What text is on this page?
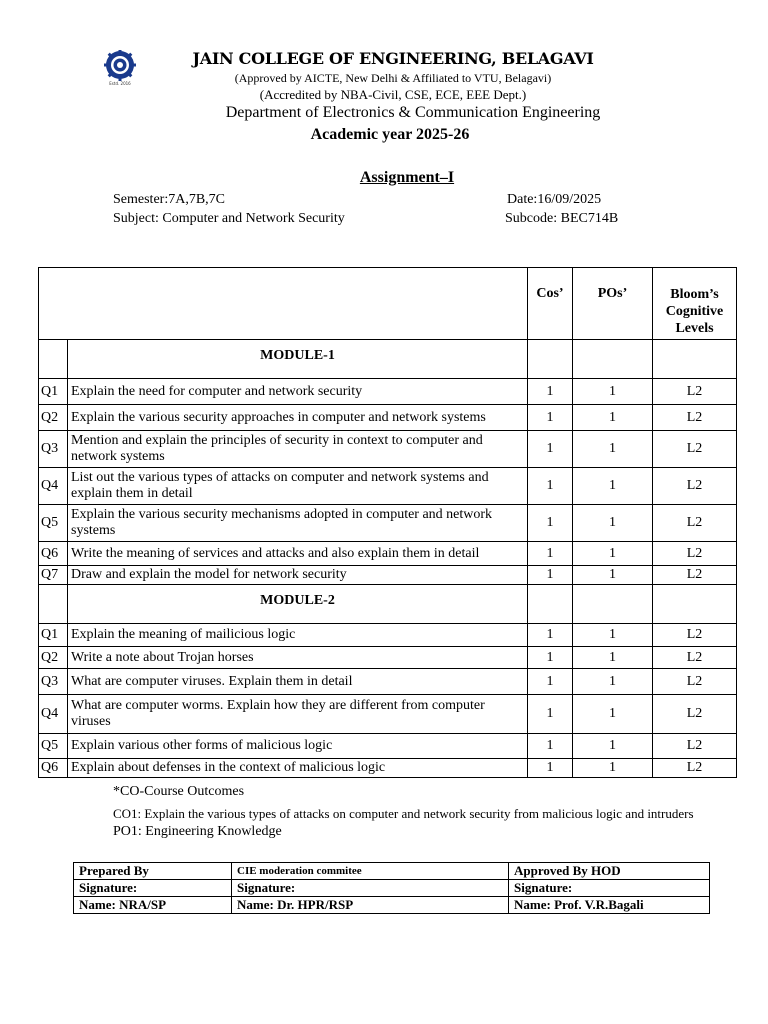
Estd. 2016
JAIN COLLEGE OF ENGINEERING, BELAGAVI
(Approved by AICTE, New Delhi & Affiliated to VTU, Belagavi)
(Accredited by NBA-Civil, CSE, ECE, EEE Dept.)
Department of Electronics & Communication Engineering
Academic year 2025-26
Assignment–I
Semester:7A,7B,7C	Date:16/09/2025
Subject: Computer and Network Security	Subcode: BEC714B
		Cos’	POs’	Bloom’s Cognitive Levels
	MODULE-1			
Q1	Explain the need for computer and network security	1	1	L2
Q2	Explain the various security approaches in computer and network systems	1	1	L2
Q3	Mention and explain the principles of security in context to computer and network systems	1	1	L2
Q4	List out the various types of attacks on computer and network systems and explain them in detail	1	1	L2
Q5	Explain the various security mechanisms adopted in computer and network systems	1	1	L2
Q6	Write the meaning of services and attacks and also explain them in detail	1	1	L2
Q7	Draw and explain the model for network security	1	1	L2
	MODULE-2			
Q1	Explain the meaning of mailicious logic	1	1	L2
Q2	Write a note about Trojan horses	1	1	L2
Q3	What are computer viruses. Explain them in detail	1	1	L2
Q4	What are computer worms. Explain how they are different from computer viruses	1	1	L2
Q5	Explain various other forms of malicious logic	1	1	L2
Q6	Explain about defenses in the context of malicious logic	1	1	L2
*CO-Course Outcomes
CO1: Explain the various types of attacks on computer and network security from malicious logic and intruders
PO1: Engineering Knowledge
Prepared By	CIE moderation commitee	Approved By HOD
Signature:	Signature:	Signature:
Name: NRA/SP	Name: Dr. HPR/RSP	Name: Prof. V.R.Bagali
